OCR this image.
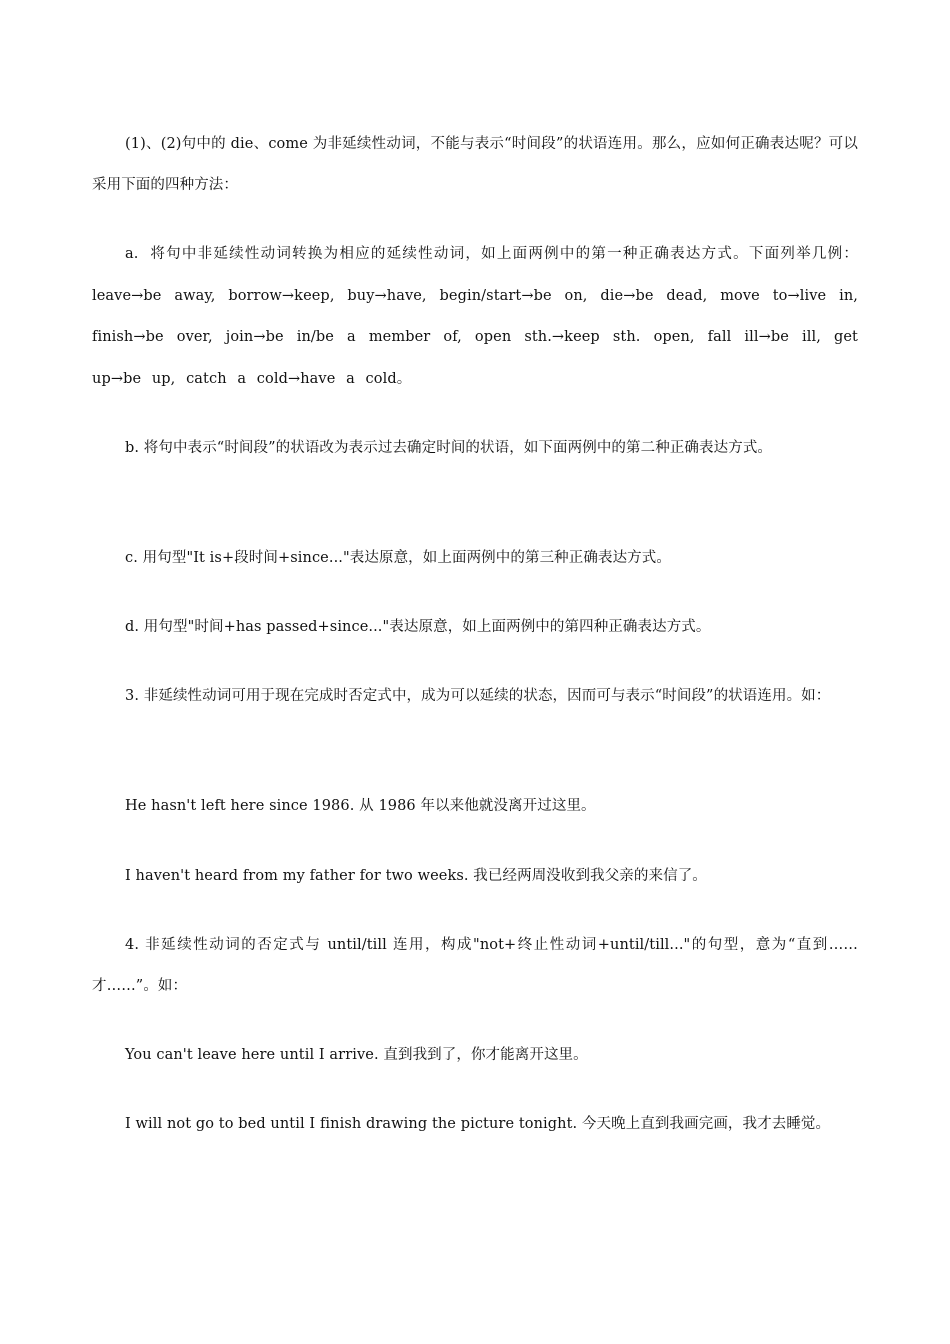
(1)、(2)句中的 die、come 为非延续性动词，不能与表示“时间段”的状语连用。那么，应如何正确表达呢？可以采用下面的四种方法：

a. 将句中非延续性动词转换为相应的延续性动词，如上面两例中的第一种正确表达方式。下面列举几例：leave→be away, borrow→keep, buy→have, begin/start→be on, die→be dead, move to→live in, finish→be over, join→be in/be a member of, open sth.→keep sth. open, fall ill→be ill, get up→be up, catch a cold→have a cold。

b. 将句中表示“时间段”的状语改为表示过去确定时间的状语，如下面两例中的第二种正确表达方式。

c. 用句型"It is+段时间+since..."表达原意，如上面两例中的第三种正确表达方式。

d. 用句型"时间+has passed+since..."表达原意，如上面两例中的第四种正确表达方式。

3. 非延续性动词可用于现在完成时否定式中，成为可以延续的状态，因而可与表示“时间段”的状语连用。如：

He hasn't left here since 1986. 从 1986 年以来他就没离开过这里。

I haven't heard from my father for two weeks. 我已经两周没收到我父亲的来信了。

4. 非延续性动词的否定式与 until/till 连用，构成"not+终止性动词+until/till..."的句型，意为“直到……才……”。如：

You can't leave here until I arrive. 直到我到了，你才能离开这里。

I will not go to bed until I finish drawing the picture tonight. 今天晚上直到我画完画，我才去睡觉。
